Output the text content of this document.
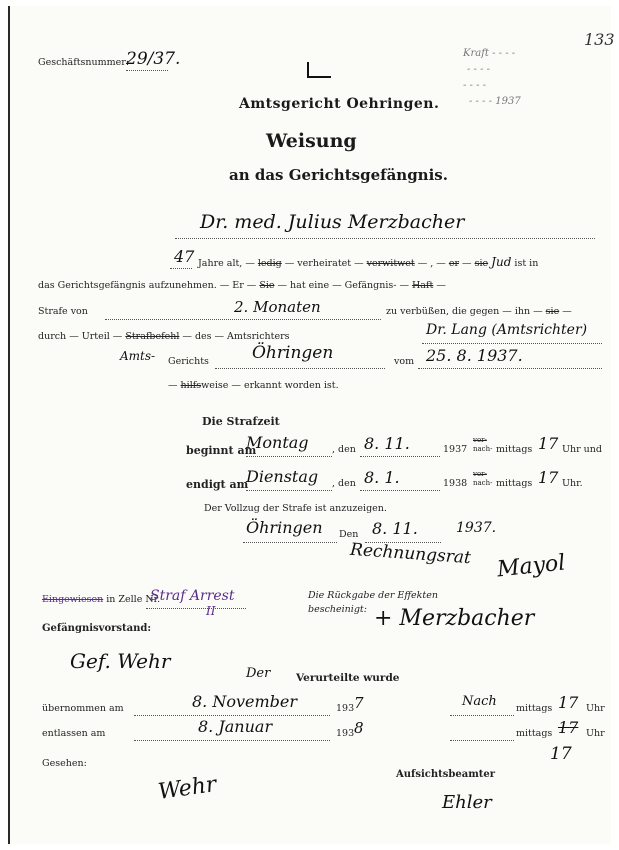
133
Kraft - - - -
- - - -
- - - -
- - - - 1937
Geschäftsnummer:
29/37.
Amtsgericht Oehringen.
Weisung
an das Gerichtsgefängnis.
Dr. med. Julius Merzbacher
47 Jahre alt, — ledig — verheiratet — verwitwet — , — er — sie Jud ist in
das Gerichtsgefängnis aufzunehmen. — Er — Sie — hat eine — Gefängnis- — Haft —
Strafe von	2. Monaten	zu verbüßen, die gegen — ihn — sie —
durch — Urteil — Strafbefehl — des — Amtsrichters	Dr. Lang (Amtsrichter)
Amts- Gerichts	Öhringen	vom 25. 8. 1937.
— hilfsweise — erkannt worden ist.
Die Strafzeit
beginnt am
Montag , den 8. 11.	1937
vor-
nach- mittags 17 Uhr und
endigt am
Dienstag , den 8. 1.	1938
vor-
nach- mittags 17 Uhr.
Der Vollzug der Strafe ist anzuzeigen.
Öhringen Den 8. 11.	1937.
Rechnungsrat Mayol
Eingewiesen in Zelle Nr.
Straf Arrest
II
Gefängnisvorstand:
Gef. Wehr
Die Rückgabe der Effekten
bescheinigt: + Merzbacher
Der Verurteilte wurde
übernommen am	8. November	193 7	Nach mittags 17 Uhr
entlassen am	8. Januar	193 8	mittags 17 Uhr
17
Gesehen:
Wehr	Aufsichtsbeamter
Ehler
